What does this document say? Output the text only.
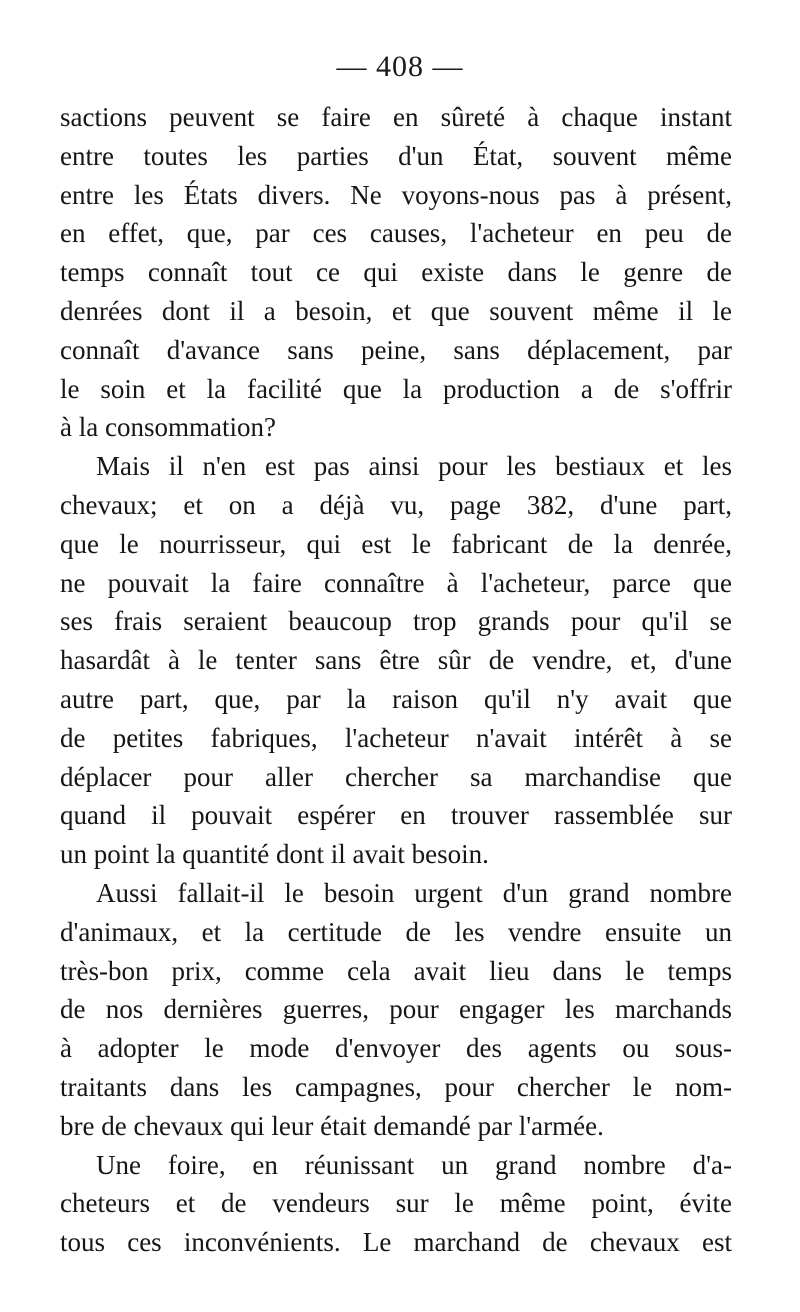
— 408 —
sactions peuvent se faire en sûreté à chaque instant
entre toutes les parties d'un État, souvent même
entre les États divers. Ne voyons-nous pas à présent,
en effet, que, par ces causes, l'acheteur en peu de
temps connaît tout ce qui existe dans le genre de
denrées dont il a besoin, et que souvent même il le
connaît d'avance sans peine, sans déplacement, par
le soin et la facilité que la production a de s'offrir
à la consommation?
Mais il n'en est pas ainsi pour les bestiaux et les
chevaux; et on a déjà vu, page 382, d'une part,
que le nourrisseur, qui est le fabricant de la denrée,
ne pouvait la faire connaître à l'acheteur, parce que
ses frais seraient beaucoup trop grands pour qu'il se
hasardât à le tenter sans être sûr de vendre, et, d'une
autre part, que, par la raison qu'il n'y avait que
de petites fabriques, l'acheteur n'avait intérêt à se
déplacer pour aller chercher sa marchandise que
quand il pouvait espérer en trouver rassemblée sur
un point la quantité dont il avait besoin.
Aussi fallait-il le besoin urgent d'un grand nombre
d'animaux, et la certitude de les vendre ensuite un
très-bon prix, comme cela avait lieu dans le temps
de nos dernières guerres, pour engager les marchands
à adopter le mode d'envoyer des agents ou sous-
traitants dans les campagnes, pour chercher le nom-
bre de chevaux qui leur était demandé par l'armée.
Une foire, en réunissant un grand nombre d'a-
cheteurs et de vendeurs sur le même point, évite
tous ces inconvénients. Le marchand de chevaux est
